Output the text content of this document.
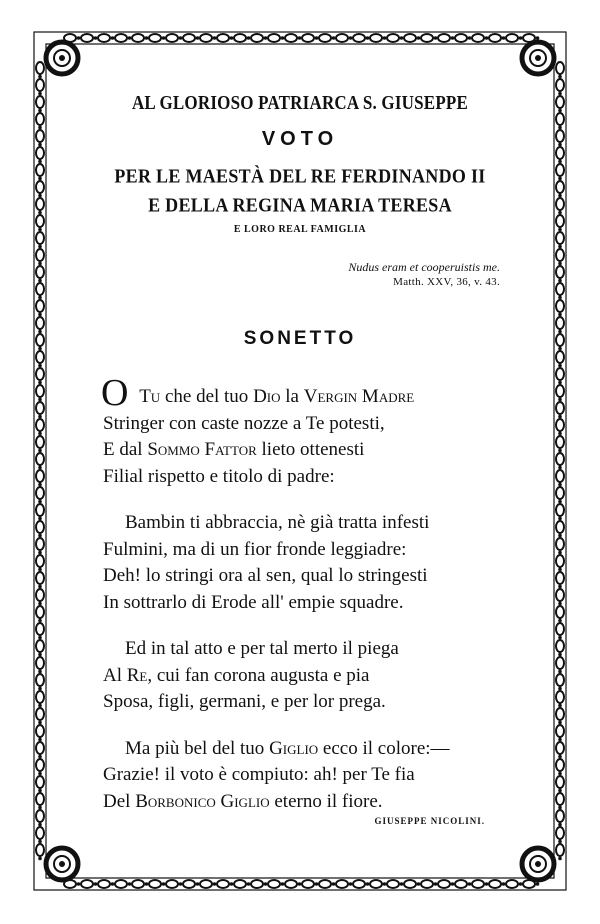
AL GLORIOSO PATRIARCA S. GIUSEPPE
VOTO
PER LE MAESTÀ DEL RE FERDINANDO II
E DELLA REGINA MARIA TERESA
E LORO REAL FAMIGLIA
Nudus eram et cooperuistis me.
Matth. XXV, 36, v. 43.
SONETTO
O Tu che del tuo Dio la Vergin Madre
Stringer con caste nozze a Te potesti,
E dal Sommo Fattor lieto ottenesti
Filial rispetto e titolo di padre:
Bambin ti abbraccia, nè già tratta infesti
Fulmini, ma di un fior fronde leggiadre:
Deh! lo stringi ora al sen, qual lo stringesti
In sottrarlo di Erode all' empie squadre.
Ed in tal atto e per tal merto il piega
Al Re, cui fan corona augusta e pia
Sposa, figli, germani, e per lor prega.
Ma più bel del tuo Giglio ecco il colore:—
Grazie! il voto è compiuto: ah! per Te fia
Del Borbonico Giglio eterno il fiore.
GIUSEPPE NICOLINI.
